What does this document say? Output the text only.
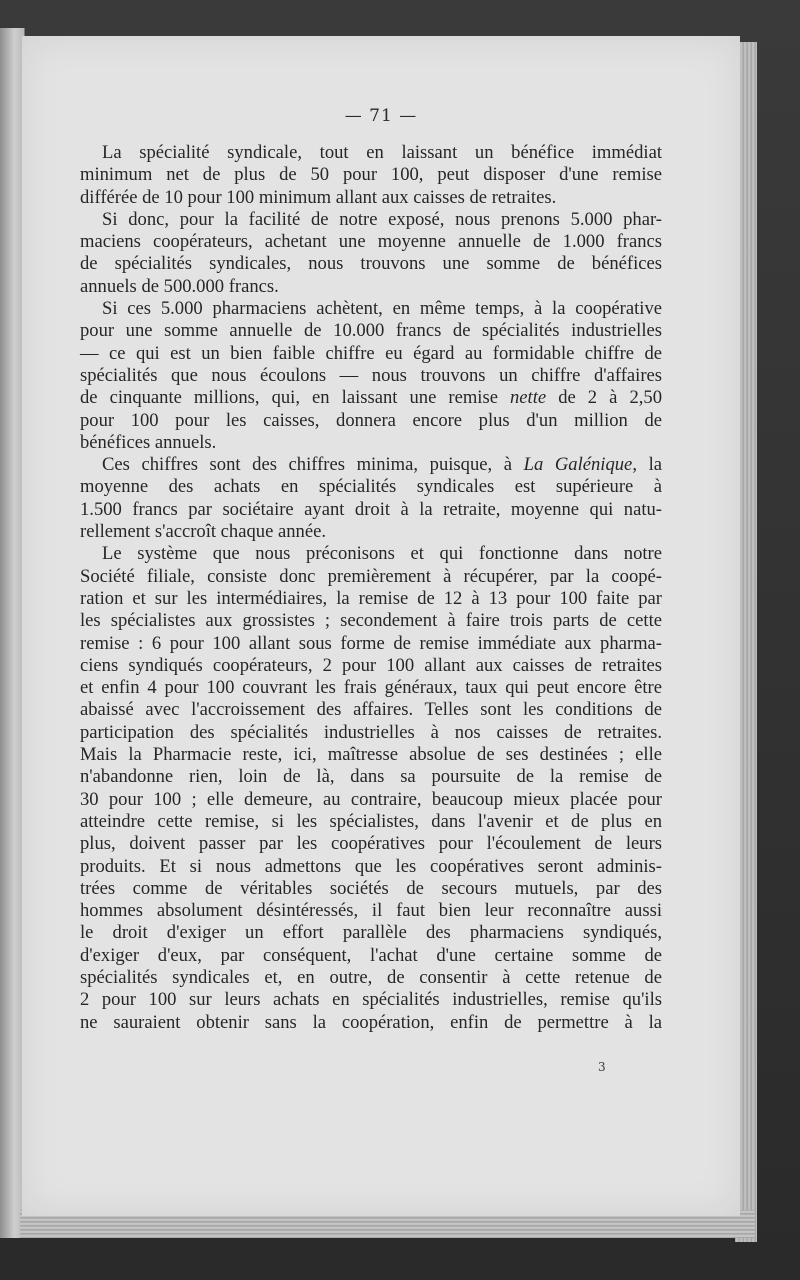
— 71 —
La spécialité syndicale, tout en laissant un bénéfice immédiat
minimum net de plus de 50 pour 100, peut disposer d'une remise
différée de 10 pour 100 minimum allant aux caisses de retraites.
Si donc, pour la facilité de notre exposé, nous prenons 5.000 phar-
maciens coopérateurs, achetant une moyenne annuelle de 1.000 francs
de spécialités syndicales, nous trouvons une somme de bénéfices
annuels de 500.000 francs.
Si ces 5.000 pharmaciens achètent, en même temps, à la coopérative
pour une somme annuelle de 10.000 francs de spécialités industrielles
— ce qui est un bien faible chiffre eu égard au formidable chiffre de
spécialités que nous écoulons — nous trouvons un chiffre d'affaires
de cinquante millions, qui, en laissant une remise nette de 2 à 2,50
pour 100 pour les caisses, donnera encore plus d'un million de
bénéfices annuels.
Ces chiffres sont des chiffres minima, puisque, à La Galénique, la
moyenne des achats en spécialités syndicales est supérieure à
1.500 francs par sociétaire ayant droit à la retraite, moyenne qui natu-
rellement s'accroît chaque année.
Le système que nous préconisons et qui fonctionne dans notre
Société filiale, consiste donc premièrement à récupérer, par la coopé-
ration et sur les intermédiaires, la remise de 12 à 13 pour 100 faite par
les spécialistes aux grossistes ; secondement à faire trois parts de cette
remise : 6 pour 100 allant sous forme de remise immédiate aux pharma-
ciens syndiqués coopérateurs, 2 pour 100 allant aux caisses de retraites
et enfin 4 pour 100 couvrant les frais généraux, taux qui peut encore être
abaissé avec l'accroissement des affaires. Telles sont les conditions de
participation des spécialités industrielles à nos caisses de retraites.
Mais la Pharmacie reste, ici, maîtresse absolue de ses destinées ; elle
n'abandonne rien, loin de là, dans sa poursuite de la remise de
30 pour 100 ; elle demeure, au contraire, beaucoup mieux placée pour
atteindre cette remise, si les spécialistes, dans l'avenir et de plus en
plus, doivent passer par les coopératives pour l'écoulement de leurs
produits. Et si nous admettons que les coopératives seront adminis-
trées comme de véritables sociétés de secours mutuels, par des
hommes absolument désintéressés, il faut bien leur reconnaître aussi
le droit d'exiger un effort parallèle des pharmaciens syndiqués,
d'exiger d'eux, par conséquent, l'achat d'une certaine somme de
spécialités syndicales et, en outre, de consentir à cette retenue de
2 pour 100 sur leurs achats en spécialités industrielles, remise qu'ils
ne sauraient obtenir sans la coopération, enfin de permettre à la
3
